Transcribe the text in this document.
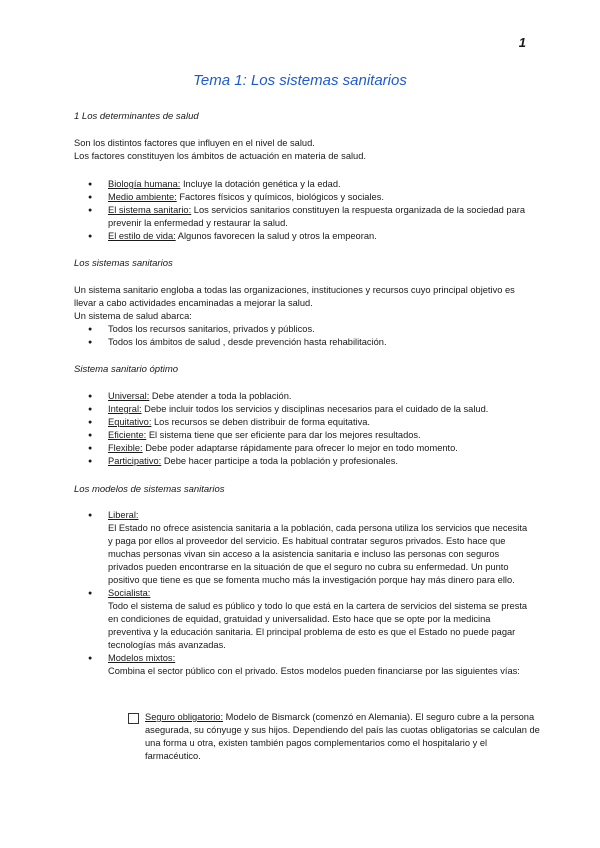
1
Tema 1: Los sistemas sanitarios
1 Los determinantes de salud

Son los distintos factores que influyen en el nivel de salud.
Los factores constituyen los ámbitos de actuación en materia de salud.

● Biología humana: Incluye la dotación genética y la edad.
● Medio ambiente: Factores físicos y químicos, biológicos y sociales.
● El sistema sanitario: Los servicios sanitarios constituyen la respuesta organizada de la sociedad para prevenir la enfermedad y restaurar la salud.
● El estilo de vida: Algunos favorecen la salud y otros la empeoran.
Los sistemas sanitarios

Un sistema sanitario engloba a todas las organizaciones, instituciones y recursos cuyo principal objetivo es llevar a cabo actividades encaminadas a mejorar la salud.
Un sistema de salud abarca:

● Todos los recursos sanitarios, privados y públicos.
● Todos los ámbitos de salud , desde prevención hasta rehabilitación.
Sistema sanitario óptimo
● Universal: Debe atender a toda la población.
● Integral: Debe incluir todos los servicios y disciplinas necesarios para el cuidado de la salud.
● Equitativo: Los recursos se deben distribuir de forma equitativa.
● Eficiente: El sistema tiene que ser eficiente para dar los mejores resultados.
● Flexible: Debe poder adaptarse rápidamente para ofrecer lo mejor en todo momento.
● Participativo: Debe hacer participe a toda la población y profesionales.
Los modelos de sistemas sanitarios
● Liberal:
El Estado no ofrece asistencia sanitaria a la población, cada persona utiliza los servicios que necesita y paga por ellos al proveedor del servicio. Es habitual contratar seguros privados. Esto hace que muchas personas vivan sin acceso a la asistencia sanitaria e incluso las personas con seguros privados pueden encontrarse en la situación de que el seguro no cubra su enfermedad. Un punto positivo que tiene es que se fomenta mucho más la investigación porque hay más dinero para ello.
● Socialista:
Todo el sistema de salud es público y todo lo que está en la cartera de servicios del sistema se presta en condiciones de equidad, gratuidad y universalidad. Esto hace que se opte por la medicina preventiva y la educación sanitaria. El principal problema de esto es que el Estado no puede pagar tecnologías más avanzadas.
● Modelos mixtos:
Combina el sector público con el privado. Estos modelos pueden financiarse por las siguientes vías:
Seguro obligatorio: Modelo de Bismarck (comenzó en Alemania). El seguro cubre a la persona asegurada, su cónyuge y sus hijos. Dependiendo del país las cuotas obligatorias se calculan de una forma u otra, existen también pagos complementarios como el hospitalario y el farmacéutico.
